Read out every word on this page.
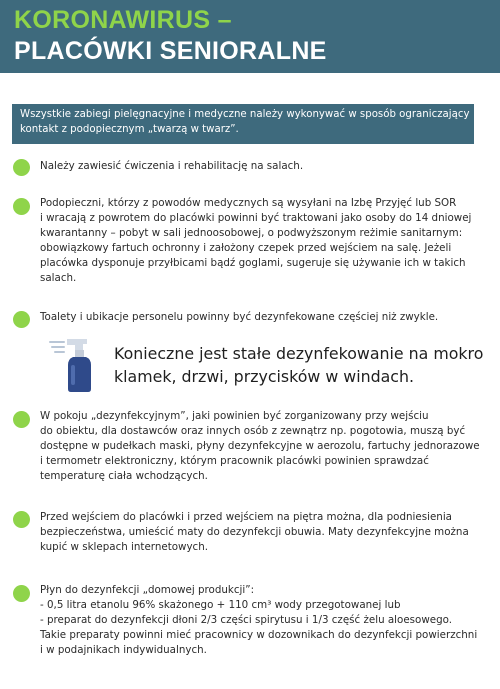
KORONAWIRUS –
PLACÓWKI SENIORALNE
Wszystkie zabiegi pielęgnacyjne i medyczne należy wykonywać w sposób ograniczający
kontakt z podopiecznym „twarzą w twarz”.
Należy zawiesić ćwiczenia i rehabilitację na salach.
Podopieczni, którzy z powodów medycznych są wysyłani na Izbę Przyjęć lub SOR
i wracają z powrotem do placówki powinni być traktowani jako osoby do 14 dniowej
kwarantanny – pobyt w sali jednoosobowej, o podwyższonym reżimie sanitarnym:
obowiązkowy fartuch ochronny i założony czepek przed wejściem na salę. Jeżeli
placówka dysponuje przyłbicami bądź goglami, sugeruje się używanie ich w takich
salach.
Toalety i ubikacje personelu powinny być dezynfekowane częściej niż zwykle.
Konieczne jest stałe dezynfekowanie na mokro
klamek, drzwi, przycisków w windach.
W pokoju „dezynfekcyjnym”, jaki powinien być zorganizowany przy wejściu
do obiektu, dla dostawców oraz innych osób z zewnątrz np. pogotowia, muszą być
dostępne w pudełkach maski, płyny dezynfekcyjne w aerozolu, fartuchy jednorazowe
i termometr elektroniczny, którym pracownik placówki powinien sprawdzać
temperaturę ciała wchodzących.
Przed wejściem do placówki i przed wejściem na piętra można, dla podniesienia
bezpieczeństwa, umieścić maty do dezynfekcji obuwia. Maty dezynfekcyjne można
kupić w sklepach internetowych.
Płyn do dezynfekcji „domowej produkcji”:
- 0,5 litra etanolu 96% skażonego + 110 cm³ wody przegotowanej lub
- preparat do dezynfekcji dłoni 2/3 części spirytusu i 1/3 część żelu aloesowego.
Takie preparaty powinni mieć pracownicy w dozownikach do dezynfekcji powierzchni
i w podajnikach indywidualnych.
